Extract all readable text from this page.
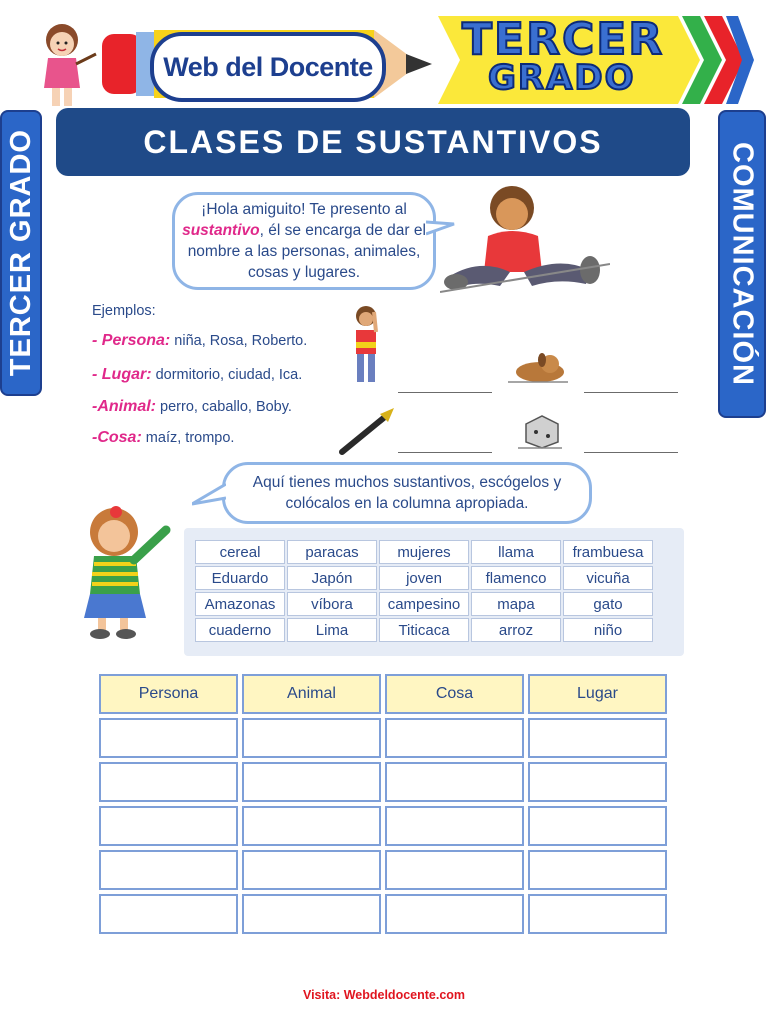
Web del Docente
TERCER
GRADO
TERCER GRADO	COMUNICACIÓN
CLASES DE SUSTANTIVOS
¡Hola amiguito! Te presento al sustantivo, él se encarga de dar el nombre a las personas, animales, cosas y lugares.
Ejemplos:
- Persona: niña, Rosa, Roberto.
- Lugar: dormitorio, ciudad, Ica.
-Animal: perro, caballo, Boby.
-Cosa: maíz, trompo.
Aquí tienes muchos sustantivos, escógelos y colócalos en la columna apropiada.
cereal	paracas	mujeres	llama	frambuesa
Eduardo	Japón	joven	flamenco	vicuña
Amazonas	víbora	campesino	mapa	gato
cuaderno	Lima	Titicaca	arroz	niño
Persona	Animal	Cosa	Lugar

Visita: Webdeldocente.com
